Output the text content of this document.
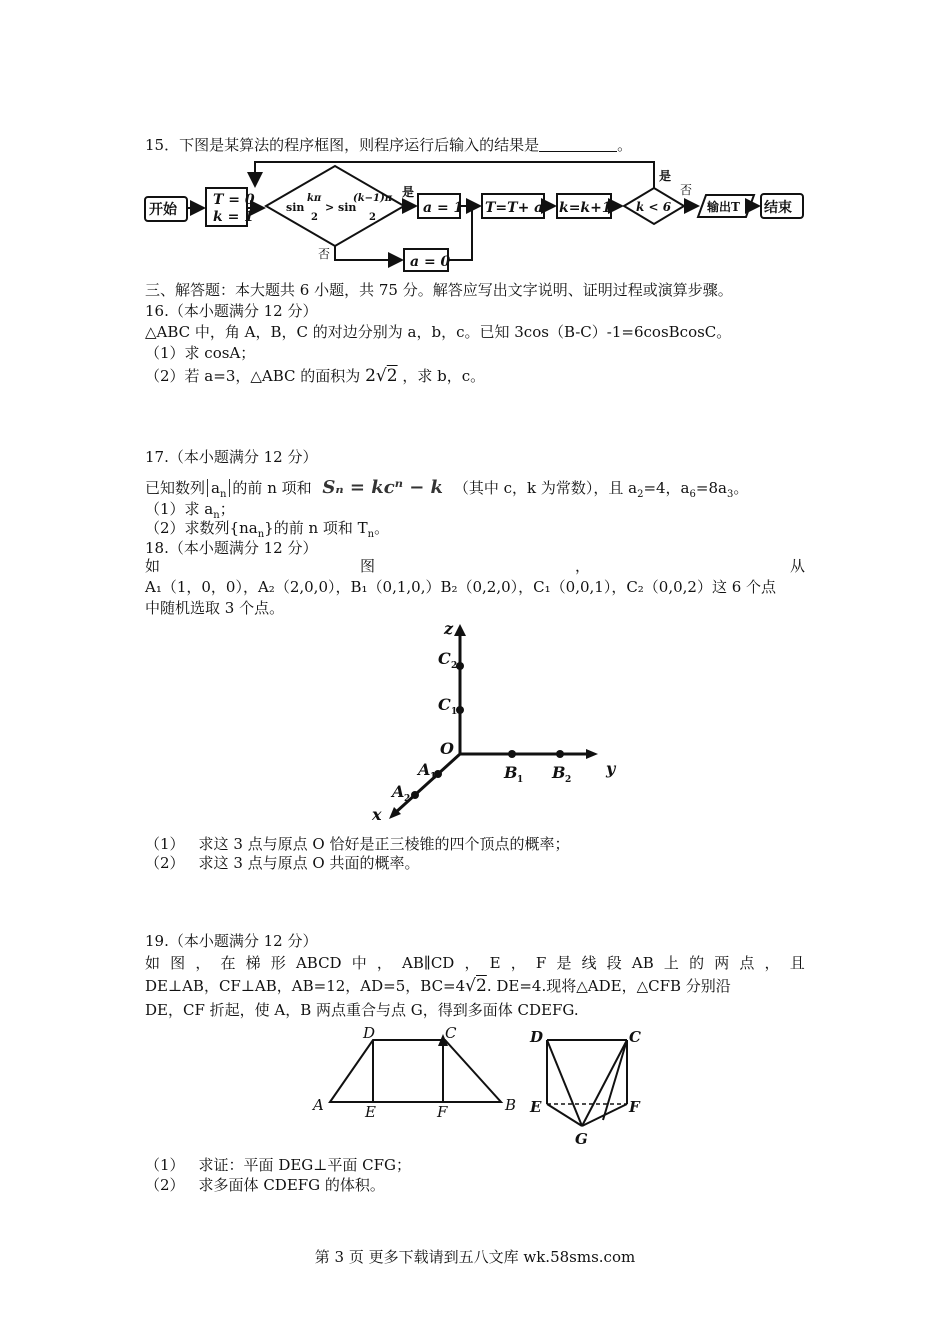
15．下图是某算法的程序框图，则程序运行后输入的结果是	。
开始
T = 0
k = 1
sin
kπ
2
> sin
(k−1)π
2
是
否
a = 1 T=T+ a k=k+1 k < 6
是
否
输出T 结束
a = 0
三、解答题：本大题共 6 小题，共 75 分。解答应写出文字说明、证明过程或演算步骤。
16.（本小题满分 12 分）
△ABC 中，角 A，B，C 的对边分别为 a，b，c。已知 3cos（B-C）-1=6cosBcosC。
（1）求 cosA；
（2）若 a=3，△ABC 的面积为 2√2 ，求 b，c。
17.（本小题满分 12 分）
已知数列 $a_n$ 的前 n 项和 Sₙ = kcⁿ − k （其中 c，k 为常数），且 $a_2=4$，$a_6=8a_3$。
（1）求 $a_n$；
（2）求数列$\{na_n\}$的前 n 项和 $T_n$。
18.（本小题满分 12 分）
如	图	，	从
A₁（1，0，0），A₂（2,0,0），B₁（0,1,0,）B₂（0,2,0），C₁（0,0,1），C₂（0,0,2）这 6 个点
中随机选取 3 个点。
z
y
x
O
C 2
C 1
B 1 B 2
A 1
A 2
（1） 求这 3 点与原点 O 恰好是正三棱锥的四个顶点的概率；
（2） 求这 3 点与原点 O 共面的概率。
19.（本小题满分 12 分）
如 图 ， 在 梯 形 ABCD 中 ， AB∥CD ， E ， F 是 线 段 AB 上 的 两 点 ， 且
DE⊥AB，CF⊥AB，AB=12，AD=5，BC=4√2. DE=4.现将△ADE，△CFB 分别沿
DE，CF 折起，使 A，B 两点重合与点 G，得到多面体 CDEFG.
A	B
C
D
E	F
D	C
E	F
G
（1） 求证：平面 DEG⊥平面 CFG；
（2） 求多面体 CDEFG 的体积。
第 3 页 更多下载请到五八文库 wk.58sms.com
